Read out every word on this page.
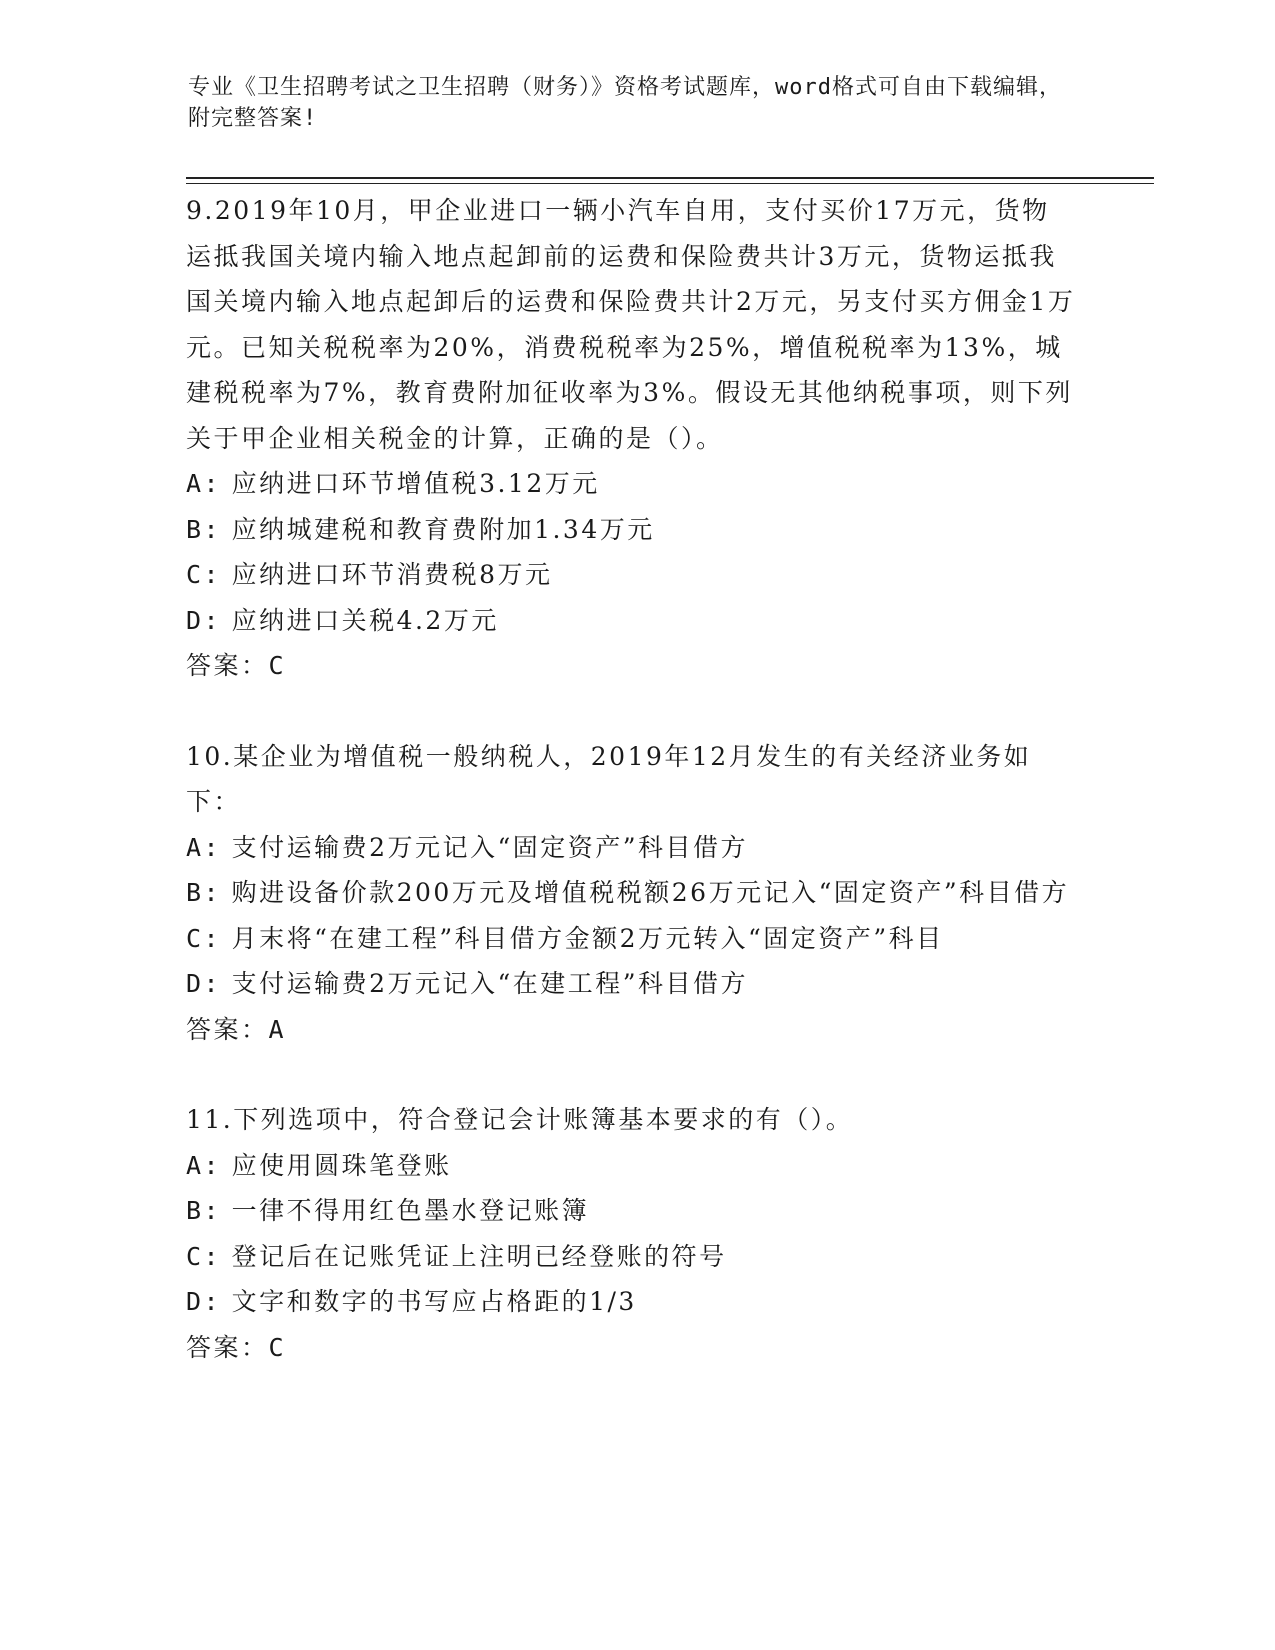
专业《卫生招聘考试之卫生招聘（财务）》资格考试题库，word格式可自由下载编辑，附完整答案!

9.2019年10月，甲企业进口一辆小汽车自用，支付买价17万元，货物运抵我国关境内输入地点起卸前的运费和保险费共计3万元，货物运抵我国关境内输入地点起卸后的运费和保险费共计2万元，另支付买方佣金1万元。已知关税税率为20%，消费税税率为25%，增值税税率为13%，城建税税率为7%，教育费附加征收率为3%。假设无其他纳税事项，则下列关于甲企业相关税金的计算，正确的是（）。

A: 应纳进口环节增值税3.12万元

B: 应纳城建税和教育费附加1.34万元

C: 应纳进口环节消费税8万元

D: 应纳进口关税4.2万元

答案：C

10.某企业为增值税一般纳税人，2019年12月发生的有关经济业务如下：

A: 支付运输费2万元记入“固定资产”科目借方

B: 购进设备价款200万元及增值税税额26万元记入“固定资产”科目借方

C: 月末将“在建工程”科目借方金额2万元转入“固定资产”科目

D: 支付运输费2万元记入“在建工程”科目借方

答案：A

11.下列选项中，符合登记会计账簿基本要求的有（）。

A: 应使用圆珠笔登账

B: 一律不得用红色墨水登记账簿

C: 登记后在记账凭证上注明已经登账的符号

D: 文字和数字的书写应占格距的1/3

答案：C
